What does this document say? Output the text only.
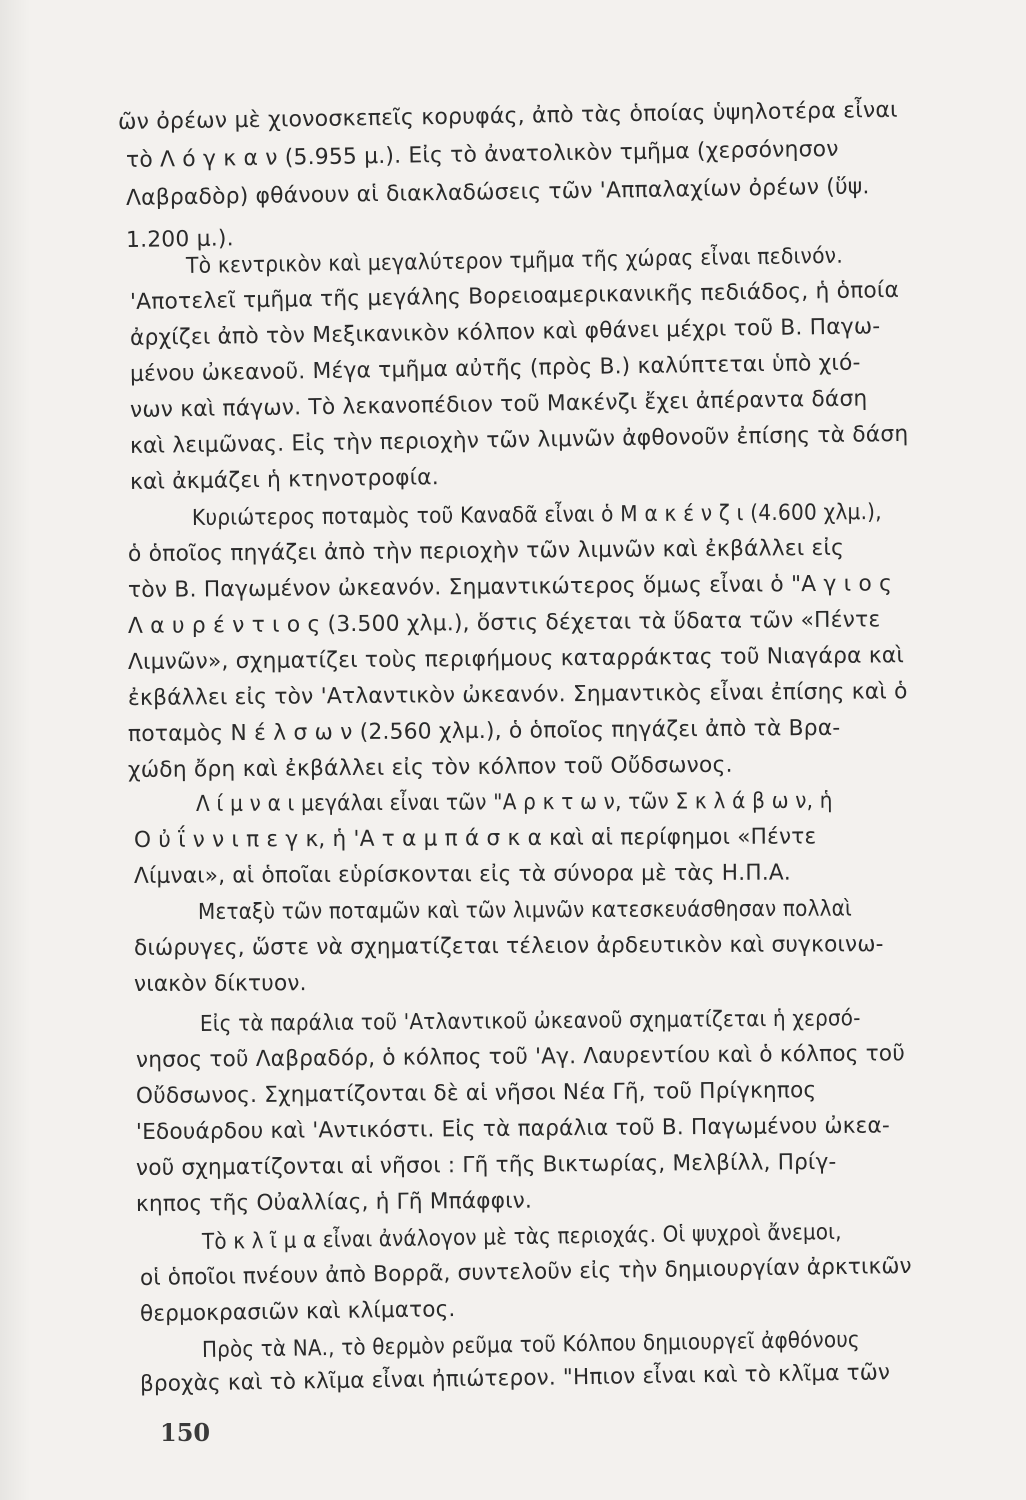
ῶν ὀρέων μὲ χιονοσκεπεῖς κορυφάς, ἀπὸ τὰς ὁποίας ὑψηλοτέρα εἶναι
τὸ Λ ό γ κ α ν (5.955 μ.). Εἰς τὸ ἀνατολικὸν τμῆμα (χερσόνησον
Λαβραδὸρ) φθάνουν αἱ διακλαδώσεις τῶν 'Αππαλαχίων ὀρέων (ὕψ.
1.200 μ.).
Τὸ κεντρικὸν καὶ μεγαλύτερον τμῆμα τῆς χώρας εἶναι πεδινόν.
'Αποτελεῖ τμῆμα τῆς μεγάλης Βορειοαμερικανικῆς πεδιάδος, ἡ ὁποία
ἀρχίζει ἀπὸ τὸν Μεξικανικὸν κόλπον καὶ φθάνει μέχρι τοῦ Β. Παγω-
μένου ὠκεανοῦ. Μέγα τμῆμα αὐτῆς (πρὸς Β.) καλύπτεται ὑπὸ χιό-
νων καὶ πάγων. Τὸ λεκανοπέδιον τοῦ Μακένζι ἔχει ἀπέραντα δάση
καὶ λειμῶνας. Εἰς τὴν περιοχὴν τῶν λιμνῶν ἀφθονοῦν ἐπίσης τὰ δάση
καὶ ἀκμάζει ἡ κτηνοτροφία.
Κυριώτερος ποταμὸς τοῦ Καναδᾶ εἶναι ὁ Μ α κ έ ν ζ ι (4.600 χλμ.),
ὁ ὁποῖος πηγάζει ἀπὸ τὴν περιοχὴν τῶν λιμνῶν καὶ ἐκβάλλει εἰς
τὸν Β. Παγωμένον ὠκεανόν. Σημαντικώτερος ὅμως εἶναι ὁ "Α γ ι ο ς
Λ α υ ρ έ ν τ ι ο ς (3.500 χλμ.), ὅστις δέχεται τὰ ὕδατα τῶν «Πέντε
Λιμνῶν», σχηματίζει τοὺς περιφήμους καταρράκτας τοῦ Νιαγάρα καὶ
ἐκβάλλει εἰς τὸν 'Ατλαντικὸν ὠκεανόν. Σημαντικὸς εἶναι ἐπίσης καὶ ὁ
ποταμὸς Ν έ λ σ ω ν (2.560 χλμ.), ὁ ὁποῖος πηγάζει ἀπὸ τὰ Βρα-
χώδη ὄρη καὶ ἐκβάλλει εἰς τὸν κόλπον τοῦ Οὔδσωνος.
Λ ί μ ν α ι μεγάλαι εἶναι τῶν "Α ρ κ τ ω ν, τῶν Σ κ λ ά β ω ν, ἡ
Ο ὐ ΐ ν ν ι π ε γ κ, ἡ 'Α τ α μ π ά σ κ α καὶ αἱ περίφημοι «Πέντε
Λίμναι», αἱ ὁποῖαι εὑρίσκονται εἰς τὰ σύνορα μὲ τὰς Η.Π.Α.
Μεταξὺ τῶν ποταμῶν καὶ τῶν λιμνῶν κατεσκευάσθησαν πολλαὶ
διώρυγες, ὥστε νὰ σχηματίζεται τέλειον ἀρδευτικὸν καὶ συγκοινω-
νιακὸν δίκτυον.
Εἰς τὰ παράλια τοῦ 'Ατλαντικοῦ ὠκεανοῦ σχηματίζεται ἡ χερσό-
νησος τοῦ Λαβραδόρ, ὁ κόλπος τοῦ 'Αγ. Λαυρεντίου καὶ ὁ κόλπος τοῦ
Οὔδσωνος. Σχηματίζονται δὲ αἱ νῆσοι Νέα Γῆ, τοῦ Πρίγκηπος
'Εδουάρδου καὶ 'Αντικόστι. Εἰς τὰ παράλια τοῦ Β. Παγωμένου ὠκεα-
νοῦ σχηματίζονται αἱ νῆσοι : Γῆ τῆς Βικτωρίας, Μελβίλλ, Πρίγ-
κηπος τῆς Οὐαλλίας, ἡ Γῆ Μπάφφιν.
Τὸ κ λ ῖ μ α εἶναι ἀνάλογον μὲ τὰς περιοχάς. Οἱ ψυχροὶ ἄνεμοι,
οἱ ὁποῖοι πνέουν ἀπὸ Βορρᾶ, συντελοῦν εἰς τὴν δημιουργίαν ἀρκτικῶν
θερμοκρασιῶν καὶ κλίματος.
Πρὸς τὰ ΝΑ., τὸ θερμὸν ρεῦμα τοῦ Κόλπου δημιουργεῖ ἀφθόνους
βροχὰς καὶ τὸ κλῖμα εἶναι ἠπιώτερον. "Ηπιον εἶναι καὶ τὸ κλῖμα τῶν
150
